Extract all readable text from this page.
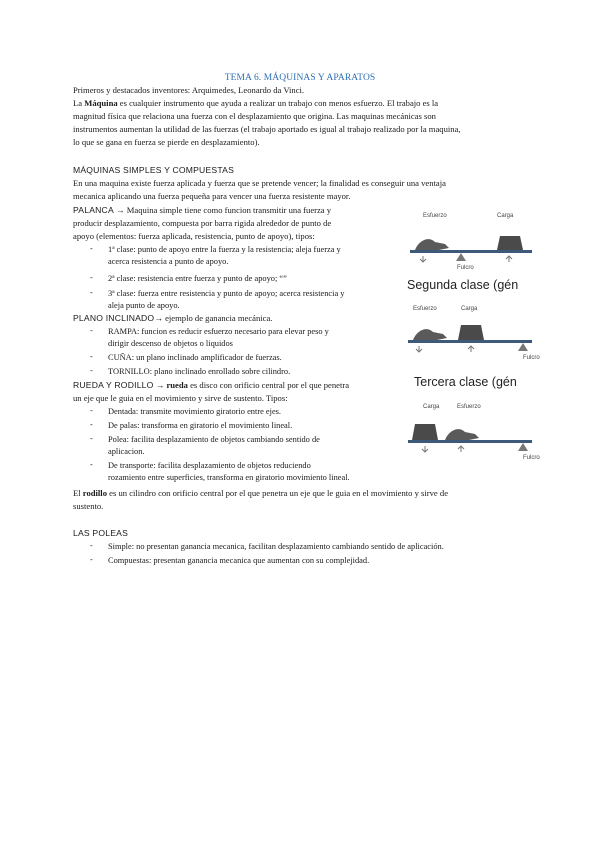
TEMA 6. MÁQUINAS Y APARATOS
Primeros y destacados inventores: Arquimedes, Leonardo da Vinci.
La Máquina es cualquier instrumento que ayuda a realizar un trabajo con menos esfuerzo. El trabajo es la
magnitud física que relaciona una fuerza con el desplazamiento que origina. Las maquinas mecánicas son
instrumentos aumentan la utilidad de las fuerzas (el trabajo aportado es igual al trabajo realizado por la maquina,
lo que se gana en fuerza se pierde en desplazamiento).
MÁQUINAS SIMPLES Y COMPUESTAS
En una maquina existe fuerza aplicada y fuerza que se pretende vencer; la finalidad es conseguir una ventaja
mecanica aplicando una fuerza pequeña para vencer una fuerza resistente mayor.
PALANCA → Maquina simple tiene como funcion transmitir una fuerza y
producir desplazamiento, compuesta por barra rigida alrededor de punto de
apoyo (elementos: fuerza aplicada, resistencia, punto de apoyo), tipos:
- 1ª clase: punto de apoyo entre la fuerza y la resistencia; aleja fuerza y
acerca resistencia a punto de apoyo.
- 2ª clase: resistencia entre fuerza y punto de apoyo; “”
- 3ª clase: fuerza entre resistencia y punto de apoyo; acerca resistencia y
aleja punto de apoyo.
PLANO INCLINADO→ ejemplo de ganancia mecánica.
- RAMPA: funcion es reducir esfuerzo necesario para elevar peso y
dirigir descenso de objetos o liquidos
- CUÑA: un plano inclinado amplificador de fuerzas.
- TORNILLO: plano inclinado enrollado sobre cilindro.
RUEDA Y RODILLO → rueda es disco con orificio central por el que penetra
un eje que le guia en el movimiento y sirve de sustento. Tipos:
- Dentada: transmite movimiento giratorio entre ejes.
- De palas: transforma en giratorio el movimiento lineal.
- Polea: facilita desplazamiento de objetos cambiando sentido de
aplicacion.
- De transporte: facilita desplazamiento de objetos reduciendo
rozamiento entre superficies, transforma en giratorio movimiento lineal.
El rodillo es un cilindro con orificio central por el que penetra un eje que le guia en el movimiento y sirve de
sustento.
LAS POLEAS
- Simple: no presentan ganancia mecanica, facilitan desplazamiento cambiando sentido de aplicación.
- Compuestas: presentan ganancia mecanica que aumentan con su complejidad.
Esfuerzo	Carga
Fulcro
Segunda clase (gén
Esfuerzo	Carga
Fulcro
Tercera clase (gén
Carga	Esfuerzo
Fulcro
